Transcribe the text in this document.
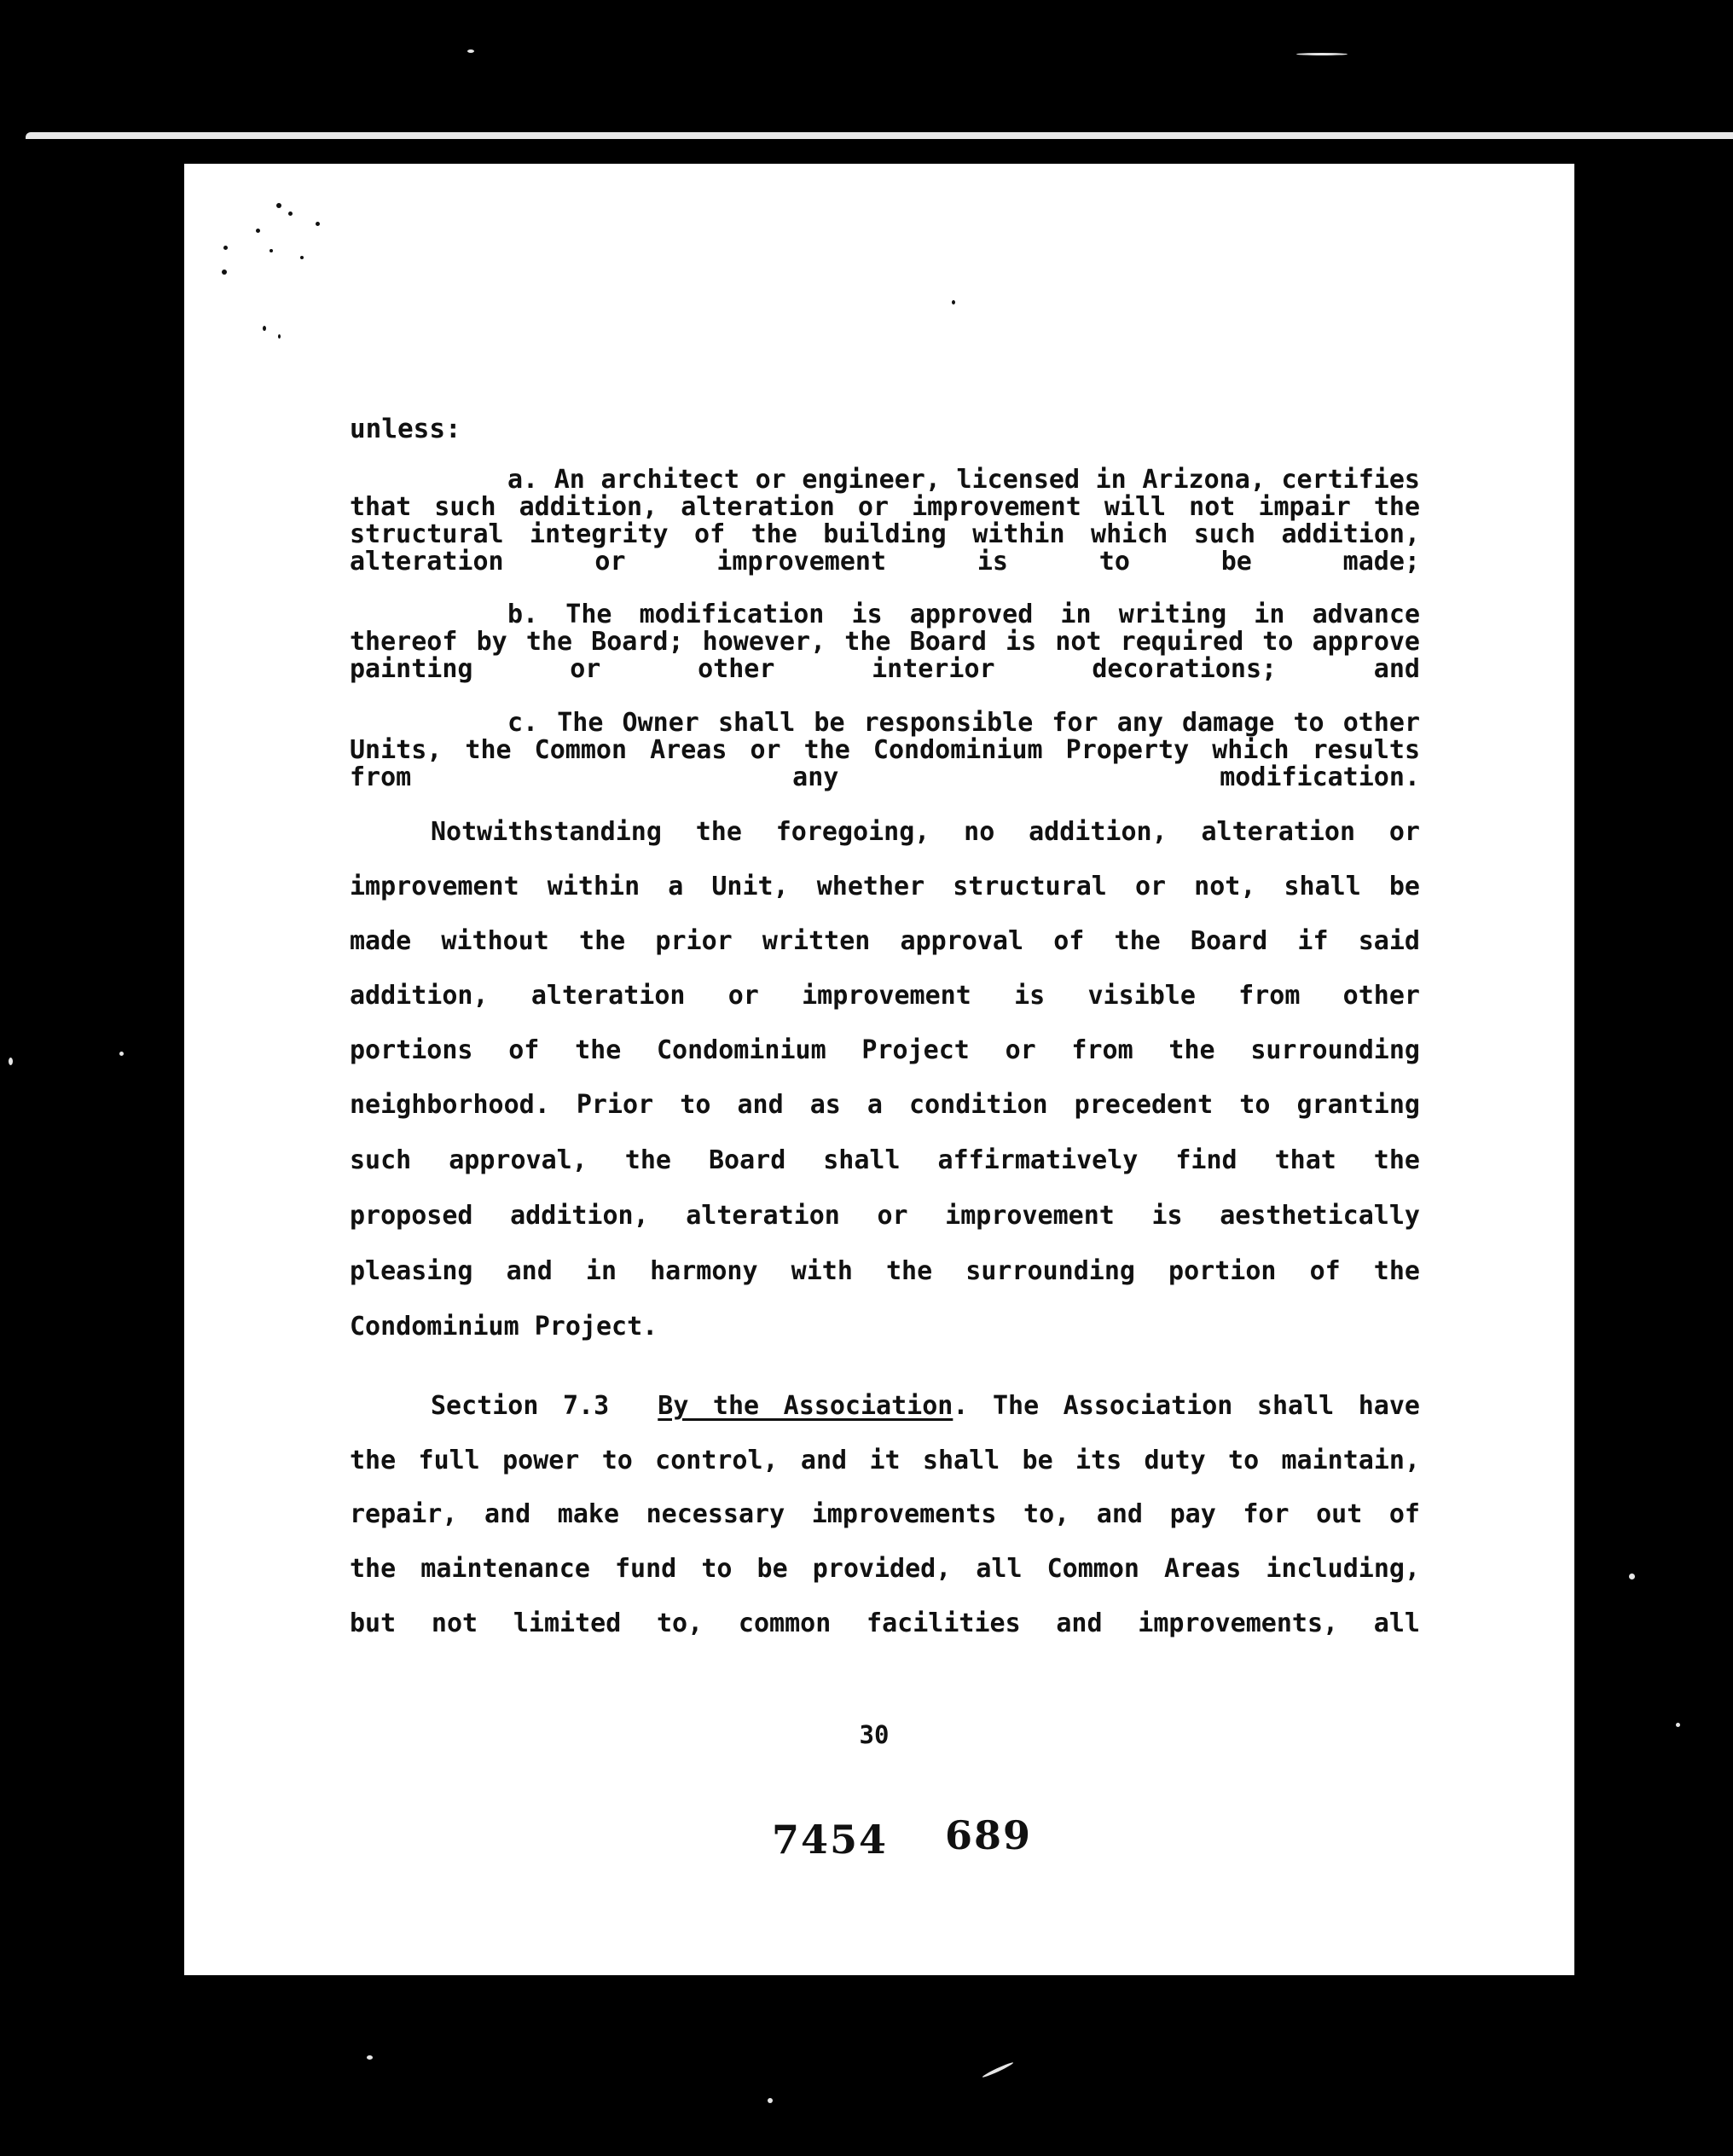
unless:

a. An architect or engineer, licensed in Arizona, certifies that such addition, alteration or improvement will not impair the structural integrity of the building within which such addition, alteration or improvement is to be made;

b. The modification is approved in writing in advance thereof by the Board; however, the Board is not required to approve painting or other interior decorations; and

c. The Owner shall be responsible for any damage to other Units, the Common Areas or the Condominium Property which results from any modification.

Notwithstanding the foregoing, no addition, alteration or
improvement within a Unit, whether structural or not, shall be
made without the prior written approval of the Board if said
addition, alteration or improvement is visible from other
portions of the Condominium Project or from the surrounding
neighborhood. Prior to and as a condition precedent to granting
such approval, the Board shall affirmatively find that the
proposed addition, alteration or improvement is aesthetically
pleasing and in harmony with the surrounding portion of the
Condominium Project.
Section 7.3 By the Association. The Association shall have
the full power to control, and it shall be its duty to maintain,
repair, and make necessary improvements to, and pay for out of
the maintenance fund to be provided, all Common Areas including,
but not limited to, common facilities and improvements, all
30
7454 689
